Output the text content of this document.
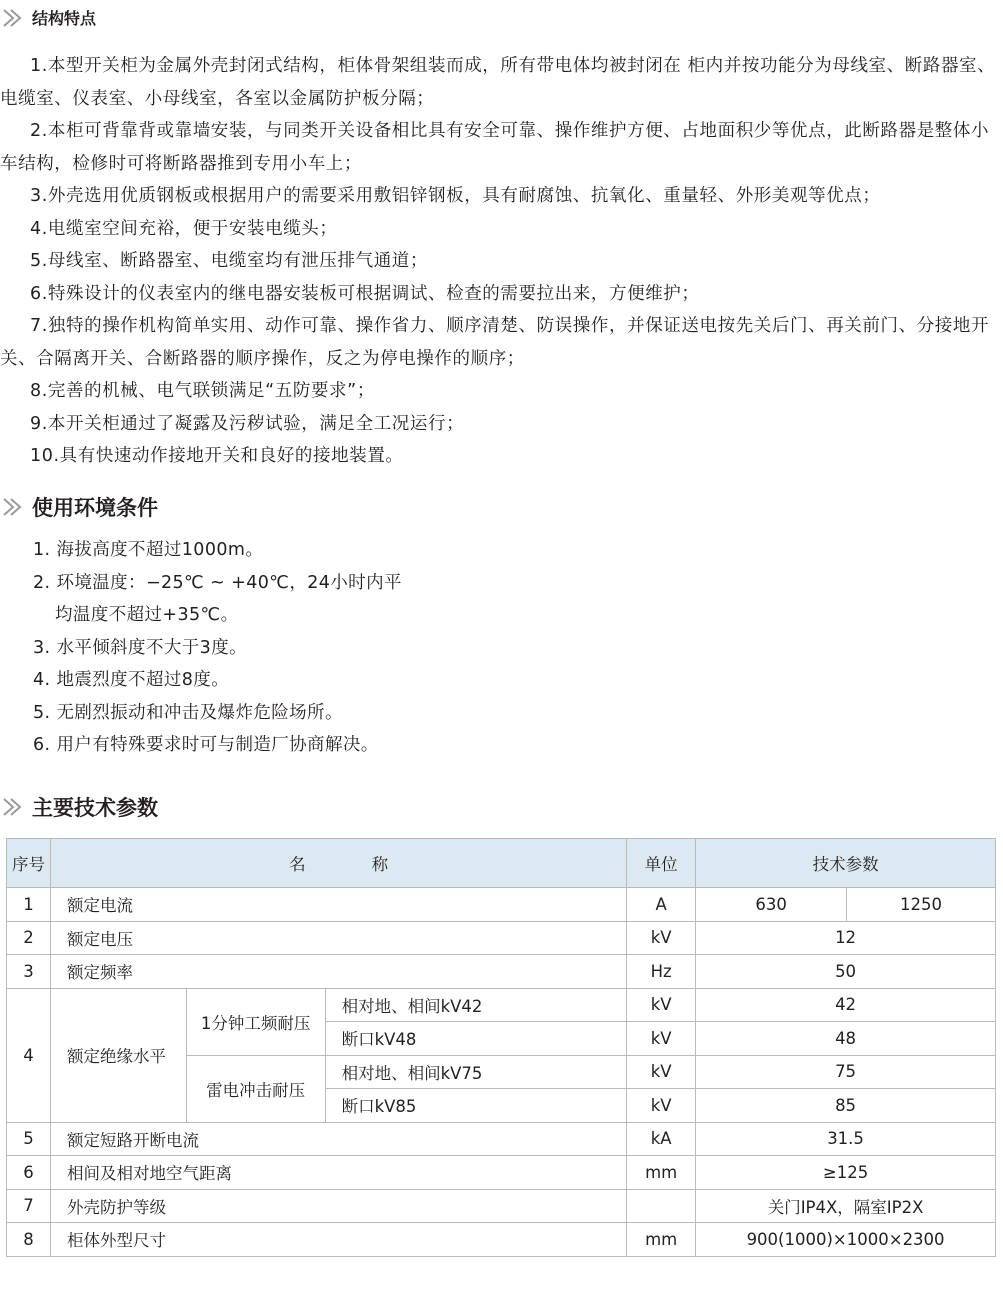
结构特点

1.本型开关柜为金属外壳封闭式结构，柜体骨架组装而成，所有带电体均被封闭在 柜内并按功能分为母线室、断路器室、电缆室、仪表室、小母线室，各室以金属防护板分隔；

2.本柜可背靠背或靠墙安装，与同类开关设备相比具有安全可靠、操作维护方便、占地面积少等优点，此断路器是整体小车结构，检修时可将断路器推到专用小车上；

3.外壳选用优质钢板或根据用户的需要采用敷铝锌钢板，具有耐腐蚀、抗氧化、重量轻、外形美观等优点；

4.电缆室空间充裕，便于安装电缆头；

5.母线室、断路器室、电缆室均有泄压排气通道；

6.特殊设计的仪表室内的继电器安装板可根据调试、检查的需要拉出来，方便维护；

7.独特的操作机构简单实用、动作可靠、操作省力、顺序清楚、防误操作，并保证送电按先关后门、再关前门、分接地开关、合隔离开关、合断路器的顺序操作，反之为停电操作的顺序；

8.完善的机械、电气联锁满足“五防要求”；

9.本开关柜通过了凝露及污秽试验，满足全工况运行；

10.具有快速动作接地开关和良好的接地装置。

使用环境条件

1. 海拔高度不超过1000m。

2. 环境温度：−25℃ ~ +40℃，24小时内平
均温度不超过+35℃。

3. 水平倾斜度不大于3度。

4. 地震烈度不超过8度。

5. 无剧烈振动和冲击及爆炸危险场所。

6. 用户有特殊要求时可与制造厂协商解决。

主要技术参数
序号	名 称			单位	技术参数	
1	额定电流			A	630	1250
2	额定电压			kV	12	
3	额定频率			Hz	50	
4	额定绝缘水平	1分钟工频耐压	相对地、相间kV42	kV	42	
			断口kV48	kV	48	
		雷电冲击耐压	相对地、相间kV75	kV	75	
			断口kV85	kV	85	
5	额定短路开断电流			kA	31.5	
6	相间及相对地空气距离			mm	≥125	
7	外壳防护等级				关门IP4X，隔室IP2X	
8	柜体外型尺寸			mm	900(1000)×1000×2300	
